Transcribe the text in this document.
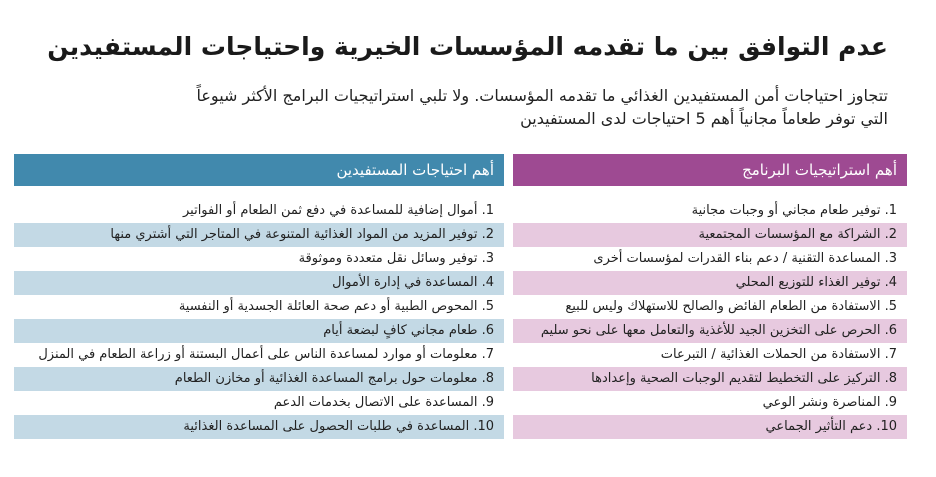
عدم التوافق بين ما تقدمه المؤسسات الخيرية واحتياجات المستفيدين

تتجاوز احتياجات أمن المستفيدين الغذائي ما تقدمه المؤسسات. ولا تلبي استراتيجيات البرامج الأكثر شيوعاً
التي توفر طعاماً مجانياً أهم 5 احتياجات لدى المستفيدين

أهم استراتيجيات البرنامج
1. توفير طعام مجاني أو وجبات مجانية
2. الشراكة مع المؤسسات المجتمعية
3. المساعدة التقنية / دعم بناء القدرات لمؤسسات أخرى
4. توفير الغذاء للتوزيع المحلي
5. الاستفادة من الطعام الفائض والصالح للاستهلاك وليس للبيع
6. الحرص على التخزين الجيد للأغذية والتعامل معها على نحو سليم
7. الاستفادة من الحملات الغذائية / التبرعات
8. التركيز على التخطيط لتقديم الوجبات الصحية وإعدادها
9. المناصرة ونشر الوعي
10. دعم التأثير الجماعي
أهم احتياجات المستفيدين
1. أموال إضافية للمساعدة في دفع ثمن الطعام أو الفواتير
2. توفير المزيد من المواد الغذائية المتنوعة في المتاجر التي أشتري منها
3. توفير وسائل نقل متعددة وموثوقة
4. المساعدة في إدارة الأموال
5. المحوص الطبية أو دعم صحة العائلة الجسدية أو النفسية
6. طعام مجاني كافٍ لبضعة أيام
7. معلومات أو موارد لمساعدة الناس على أعمال البستنة أو زراعة الطعام في المنزل
8. معلومات حول برامج المساعدة الغذائية أو مخازن الطعام
9. المساعدة على الاتصال بخدمات الدعم
10. المساعدة في طلبات الحصول على المساعدة الغذائية
